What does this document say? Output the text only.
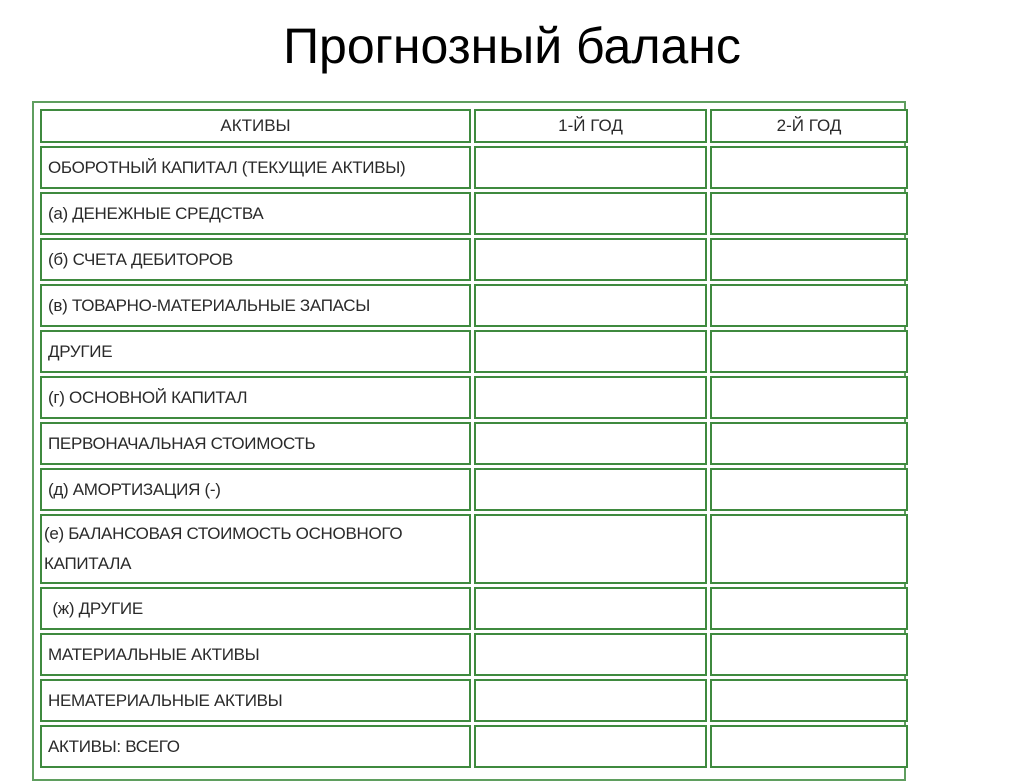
Прогнозный баланс
АКТИВЫ	1-Й ГОД	2-Й ГОД
ОБОРОТНЫЙ КАПИТАЛ (ТЕКУЩИЕ АКТИВЫ)		
(а) ДЕНЕЖНЫЕ СРЕДСТВА		
(б) СЧЕТА ДЕБИТОРОВ		
(в) ТОВАРНО-МАТЕРИАЛЬНЫЕ ЗАПАСЫ		
ДРУГИЕ		
(г) ОСНОВНОЙ КАПИТАЛ		
ПЕРВОНАЧАЛЬНАЯ СТОИМОСТЬ		
(д) АМОРТИЗАЦИЯ (-)		
(е) БАЛАНСОВАЯ СТОИМОСТЬ ОСНОВНОГО КАПИТАЛА		
(ж) ДРУГИЕ		
МАТЕРИАЛЬНЫЕ АКТИВЫ		
НЕМАТЕРИАЛЬНЫЕ АКТИВЫ		
АКТИВЫ: ВСЕГО		
